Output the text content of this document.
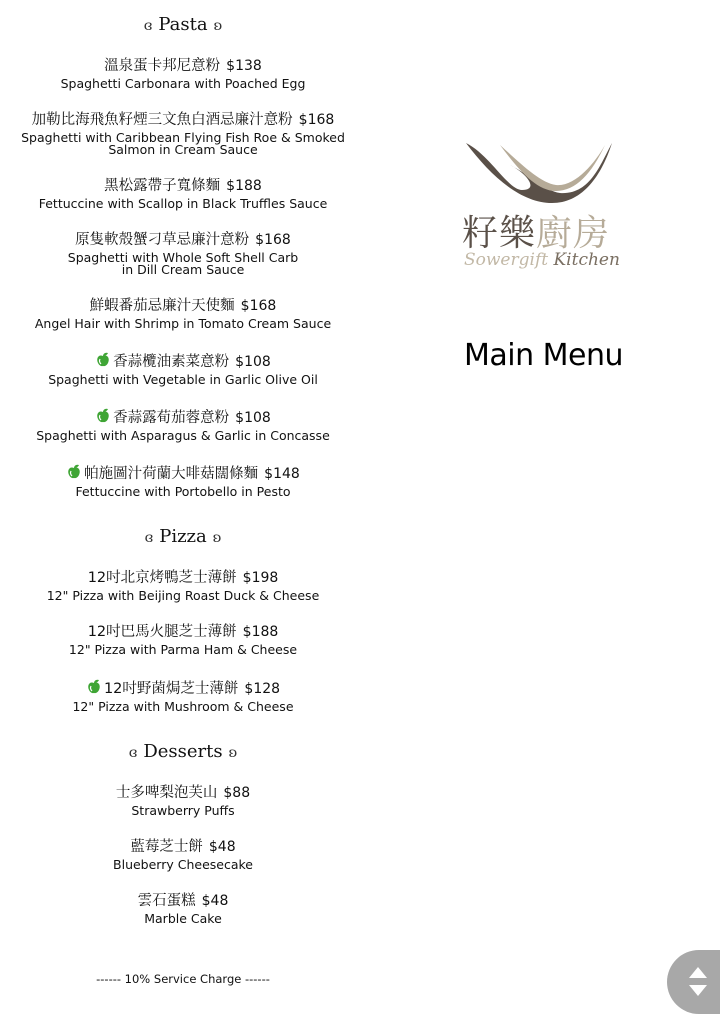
ɞ Pasta ʚ
溫泉蛋卡邦尼意粉 $138
Spaghetti Carbonara with Poached Egg
加勒比海飛魚籽煙三文魚白酒忌廉汁意粉 $168
Spaghetti with Caribbean Flying Fish Roe & Smoked
Salmon in Cream Sauce
黑松露帶子寬條麵 $188
Fettuccine with Scallop in Black Truffles Sauce
原隻軟殼蟹刁草忌廉汁意粉 $168
Spaghetti with Whole Soft Shell Carb
in Dill Cream Sauce
鮮蝦番茄忌廉汁天使麵 $168
Angel Hair with Shrimp in Tomato Cream Sauce
香蒜欖油素菜意粉 $108
Spaghetti with Vegetable in Garlic Olive Oil
香蒜露荀茄蓉意粉 $108
Spaghetti with Asparagus & Garlic in Concasse
帕施圖汁荷蘭大啡菇闊條麵 $148
Fettuccine with Portobello in Pesto
ɞ Pizza ʚ
12吋北京烤鴨芝士薄餅 $198
12" Pizza with Beijing Roast Duck & Cheese
12吋巴馬火腿芝士薄餅 $188
12" Pizza with Parma Ham & Cheese
12吋野菌焗芝士薄餅 $128
12" Pizza with Mushroom & Cheese
ɞ Desserts ʚ
士多啤梨泡芙山 $88
Strawberry Puffs
藍莓芝士餅 $48
Blueberry Cheesecake
雲石蛋糕 $48
Marble Cake
------ 10% Service Charge ------
籽樂廚房
Sowergift Kitchen
Main Menu
